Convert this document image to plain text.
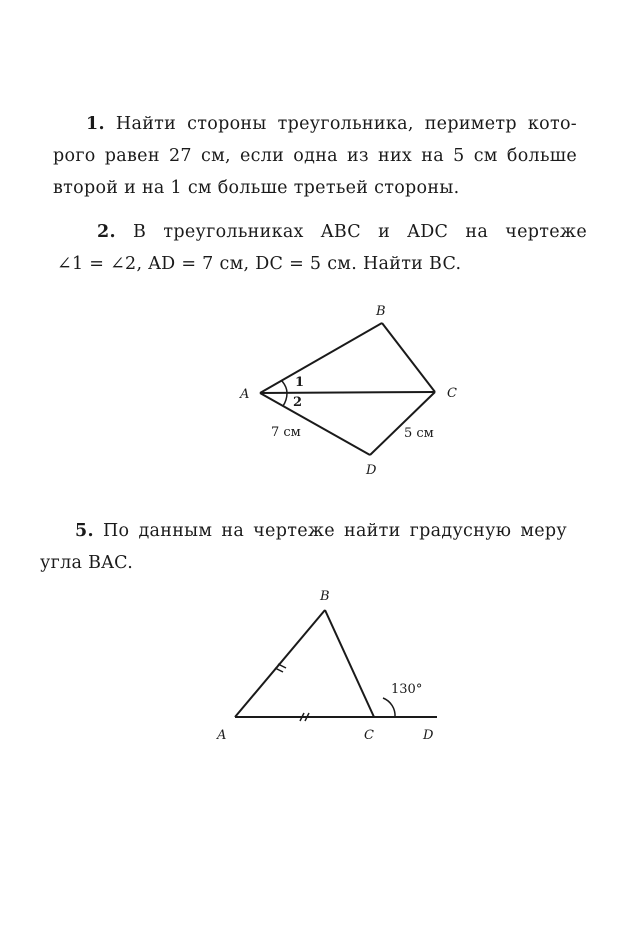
1. Найти стороны треугольника, периметр кото-
рого равен 27 см, если одна из них на 5 см больше
второй и на 1 см больше третьей стороны.
2. В треугольниках ABC и ADC на чертеже
∠1 = ∠2, AD = 7 см, DC = 5 см. Найти BC.
5. По данным на чертеже найти градусную меру
угла BAC.
A
B
C
D
1
2
7 см	5 см
A
B
C	D
130°
